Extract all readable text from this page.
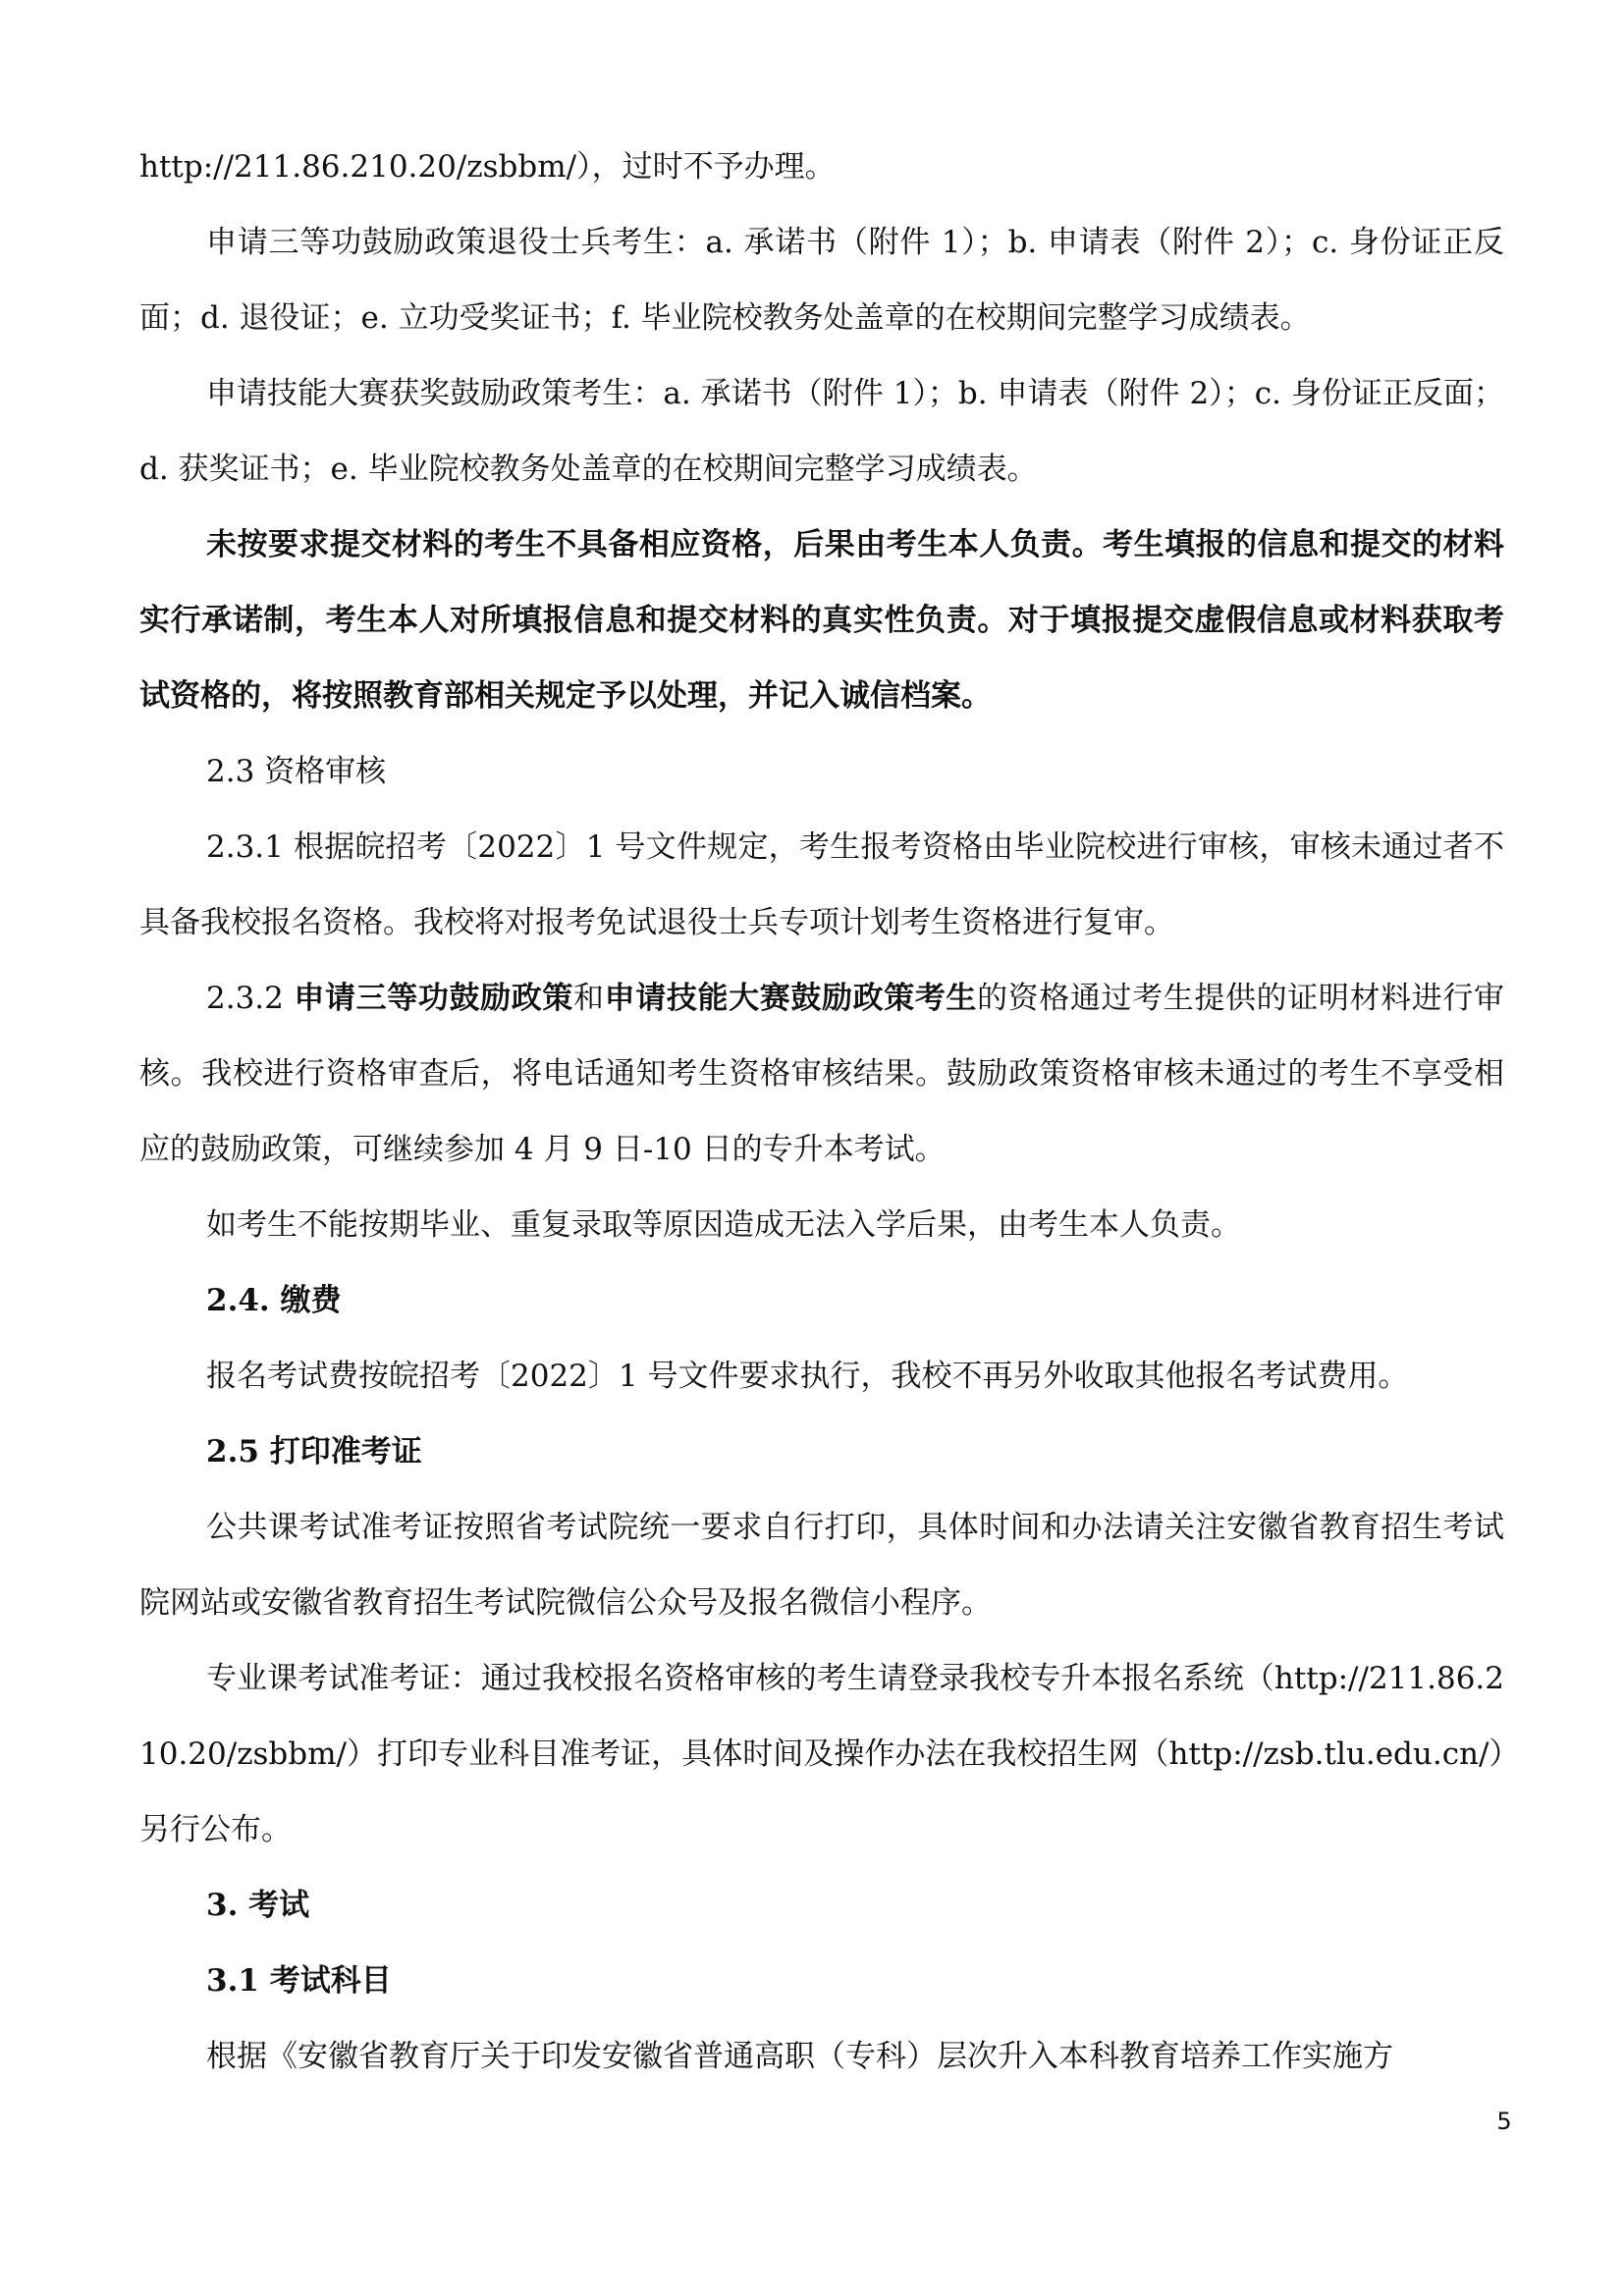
http://211.86.210.20/zsbbm/），过时不予办理。

申请三等功鼓励政策退役士兵考生：a. 承诺书（附件 1）；b. 申请表（附件 2）；c. 身份证正反面；d. 退役证；e. 立功受奖证书；f. 毕业院校教务处盖章的在校期间完整学习成绩表。

申请技能大赛获奖鼓励政策考生：a. 承诺书（附件 1）；b. 申请表（附件 2）；c. 身份证正反面；d. 获奖证书；e. 毕业院校教务处盖章的在校期间完整学习成绩表。

未按要求提交材料的考生不具备相应资格，后果由考生本人负责。考生填报的信息和提交的材料实行承诺制，考生本人对所填报信息和提交材料的真实性负责。对于填报提交虚假信息或材料获取考试资格的，将按照教育部相关规定予以处理，并记入诚信档案。

2.3 资格审核

2.3.1 根据皖招考〔2022〕1 号文件规定，考生报考资格由毕业院校进行审核，审核未通过者不具备我校报名资格。我校将对报考免试退役士兵专项计划考生资格进行复审。

2.3.2 申请三等功鼓励政策和申请技能大赛鼓励政策考生的资格通过考生提供的证明材料进行审核。我校进行资格审查后，将电话通知考生资格审核结果。鼓励政策资格审核未通过的考生不享受相应的鼓励政策，可继续参加 4 月 9 日-10 日的专升本考试。

如考生不能按期毕业、重复录取等原因造成无法入学后果，由考生本人负责。

2.4. 缴费

报名考试费按皖招考〔2022〕1 号文件要求执行，我校不再另外收取其他报名考试费用。

2.5 打印准考证

公共课考试准考证按照省考试院统一要求自行打印，具体时间和办法请关注安徽省教育招生考试院网站或安徽省教育招生考试院微信公众号及报名微信小程序。

专业课考试准考证：通过我校报名资格审核的考生请登录我校专升本报名系统（http://211.86.210.20/zsbbm/）打印专业科目准考证，具体时间及操作办法在我校招生网（http://zsb.tlu.edu.cn/）另行公布。

3. 考试

3.1 考试科目

根据《安徽省教育厅关于印发安徽省普通高职（专科）层次升入本科教育培养工作实施方

5
